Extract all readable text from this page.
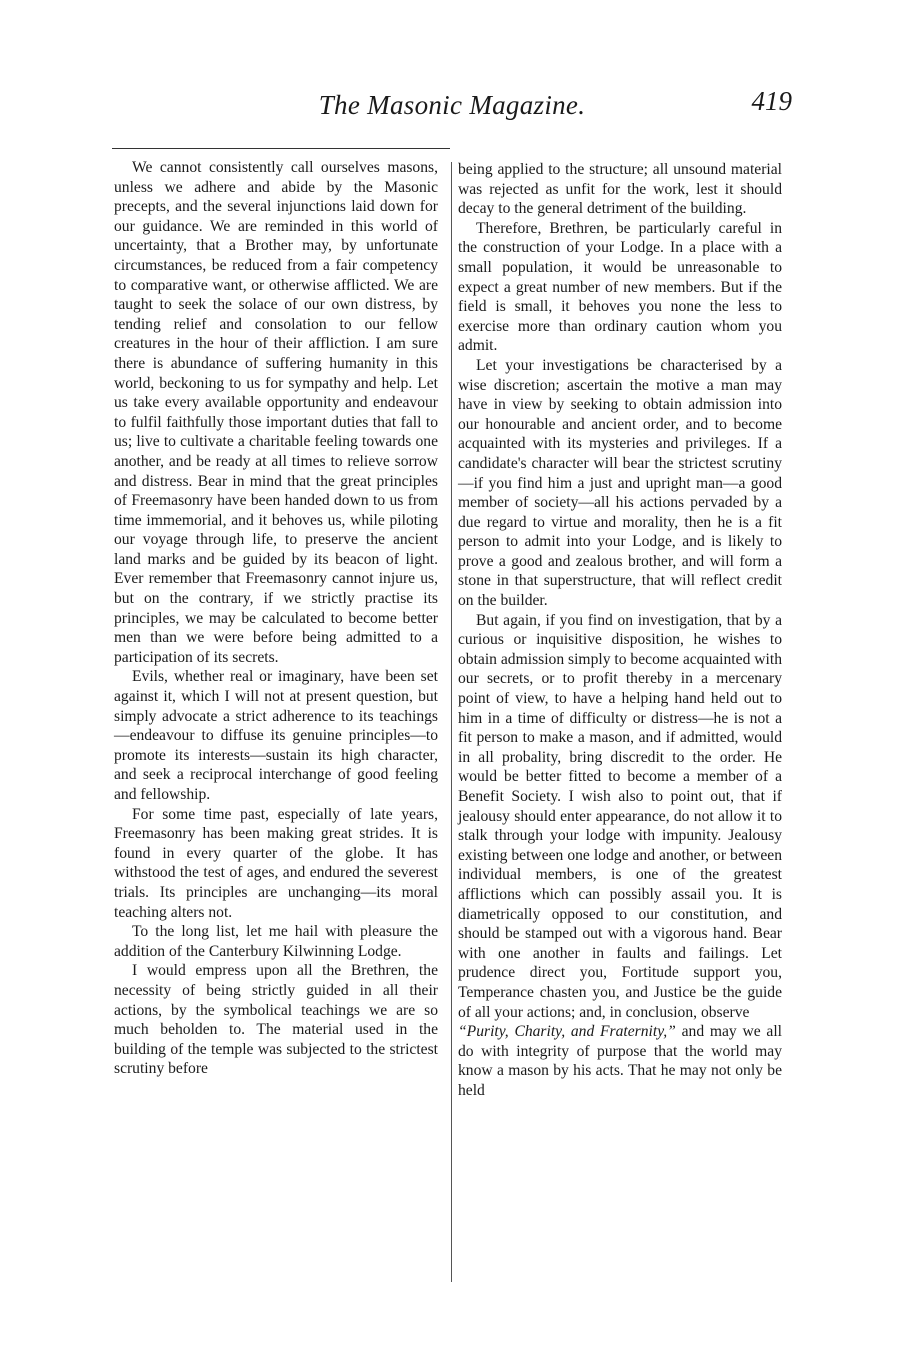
The Masonic Magazine.	419

We cannot consistently call ourselves masons, unless we adhere and abide by the Masonic precepts, and the several injunctions laid down for our guidance. We are reminded in this world of uncertainty, that a Brother may, by unfortunate circumstances, be reduced from a fair competency to comparative want, or otherwise afflicted. We are taught to seek the solace of our own distress, by tending relief and consolation to our fellow creatures in the hour of their affliction. I am sure there is abundance of suffering humanity in this world, beckoning to us for sympathy and help. Let us take every available opportunity and endeavour to fulfil faithfully those important duties that fall to us; live to cultivate a charitable feeling towards one another, and be ready at all times to relieve sorrow and distress. Bear in mind that the great principles of Freemasonry have been handed down to us from time immemorial, and it behoves us, while piloting our voyage through life, to preserve the ancient land marks and be guided by its beacon of light. Ever remember that Freemasonry cannot injure us, but on the contrary, if we strictly practise its principles, we may be calculated to become better men than we were before being admitted to a participation of its secrets.

Evils, whether real or imaginary, have been set against it, which I will not at present question, but simply advocate a strict adherence to its teachings—endeavour to diffuse its genuine principles—to promote its interests—sustain its high character, and seek a reciprocal interchange of good feeling and fellowship.

For some time past, especially of late years, Freemasonry has been making great strides. It is found in every quarter of the globe. It has withstood the test of ages, and endured the severest trials. Its principles are unchanging—its moral teaching alters not.

To the long list, let me hail with pleasure the addition of the Canterbury Kilwinning Lodge.

I would empress upon all the Brethren, the necessity of being strictly guided in all their actions, by the symbolical teachings we are so much beholden to. The material used in the building of the temple was subjected to the strictest scrutiny before

being applied to the structure; all unsound material was rejected as unfit for the work, lest it should decay to the general detriment of the building.

Therefore, Brethren, be particularly careful in the construction of your Lodge. In a place with a small population, it would be unreasonable to expect a great number of new members. But if the field is small, it behoves you none the less to exercise more than ordinary caution whom you admit.

Let your investigations be characterised by a wise discretion; ascertain the motive a man may have in view by seeking to obtain admission into our honourable and ancient order, and to become acquainted with its mysteries and privileges. If a candidate's character will bear the strictest scrutiny—if you find him a just and upright man—a good member of society—all his actions pervaded by a due regard to virtue and morality, then he is a fit person to admit into your Lodge, and is likely to prove a good and zealous brother, and will form a stone in that superstructure, that will reflect credit on the builder.

But again, if you find on investigation, that by a curious or inquisitive disposition, he wishes to obtain admission simply to become acquainted with our secrets, or to profit thereby in a mercenary point of view, to have a helping hand held out to him in a time of difficulty or distress—he is not a fit person to make a mason, and if admitted, would in all probality, bring discredit to the order. He would be better fitted to become a member of a Benefit Society. I wish also to point out, that if jealousy should enter appearance, do not allow it to stalk through your lodge with impunity. Jealousy existing between one lodge and another, or between individual members, is one of the greatest afflictions which can possibly assail you. It is diametrically opposed to our constitution, and should be stamped out with a vigorous hand. Bear with one another in faults and failings. Let prudence direct you, Fortitude support you, Temperance chasten you, and Justice be the guide of all your actions; and, in conclusion, observe

“Purity, Charity, and Fraternity,” and may we all do with integrity of purpose that the world may know a mason by his acts. That he may not only be held
